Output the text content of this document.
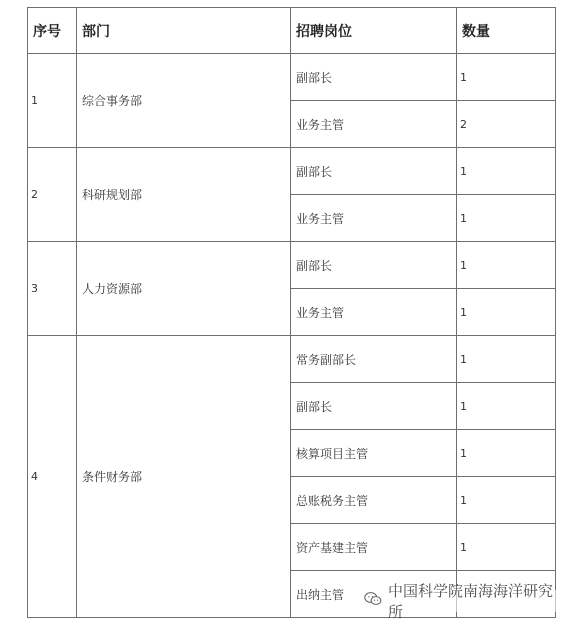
序号	部门	招聘岗位	数量
1	综合事务部	副部长	1
		业务主管	2
2	科研规划部	副部长	1
		业务主管	1
3	人力资源部	副部长	1
		业务主管	1
4	条件财务部	常务副部长	1
		副部长	1
		核算项目主管	1
		总账税务主管	1
		资产基建主管	1
		出纳主管		中国科学院南海海洋研究所
